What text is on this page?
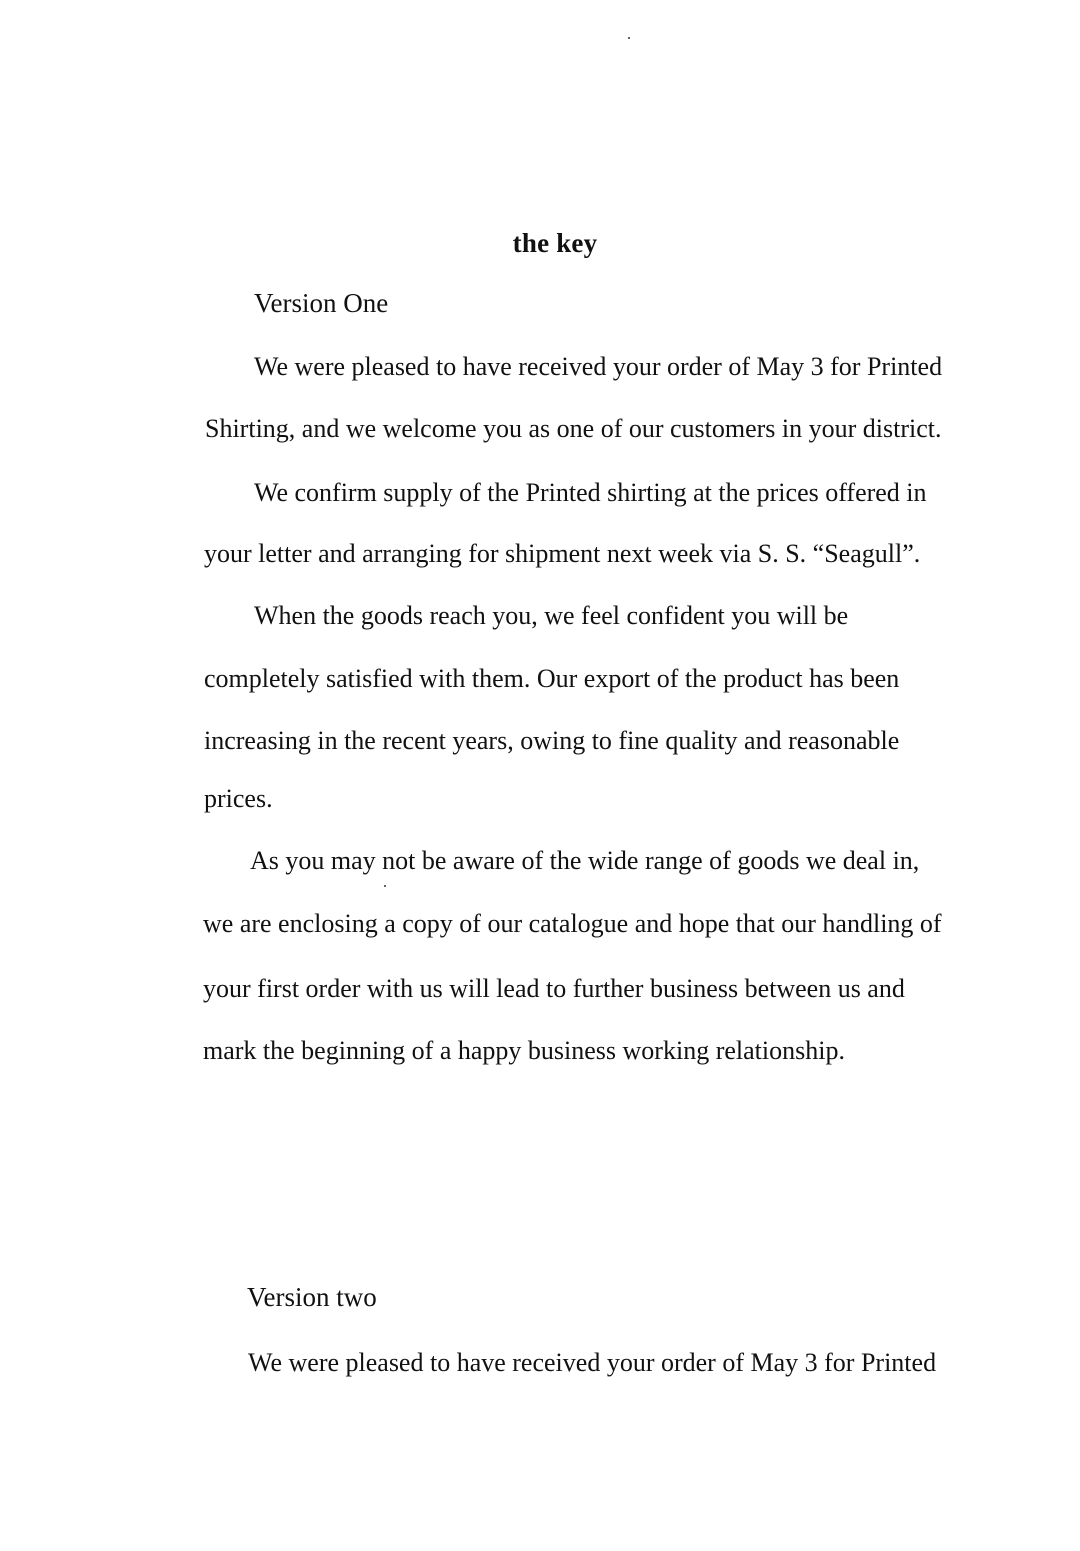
the key
Version One
We were pleased to have received your order of May 3 for Printed
Shirting, and we welcome you as one of our customers in your district.
We confirm supply of the Printed shirting at the prices offered in
your letter and arranging for shipment next week via S. S. “Seagull”.
When the goods reach you, we feel confident you will be
completely satisfied with them. Our export of the product has been
increasing in the recent years, owing to fine quality and reasonable
prices.
As you may not be aware of the wide range of goods we deal in,
we are enclosing a copy of our catalogue and hope that our handling of
your first order with us will lead to further business between us and
mark the beginning of a happy business working relationship.
Version two
We were pleased to have received your order of May 3 for Printed
